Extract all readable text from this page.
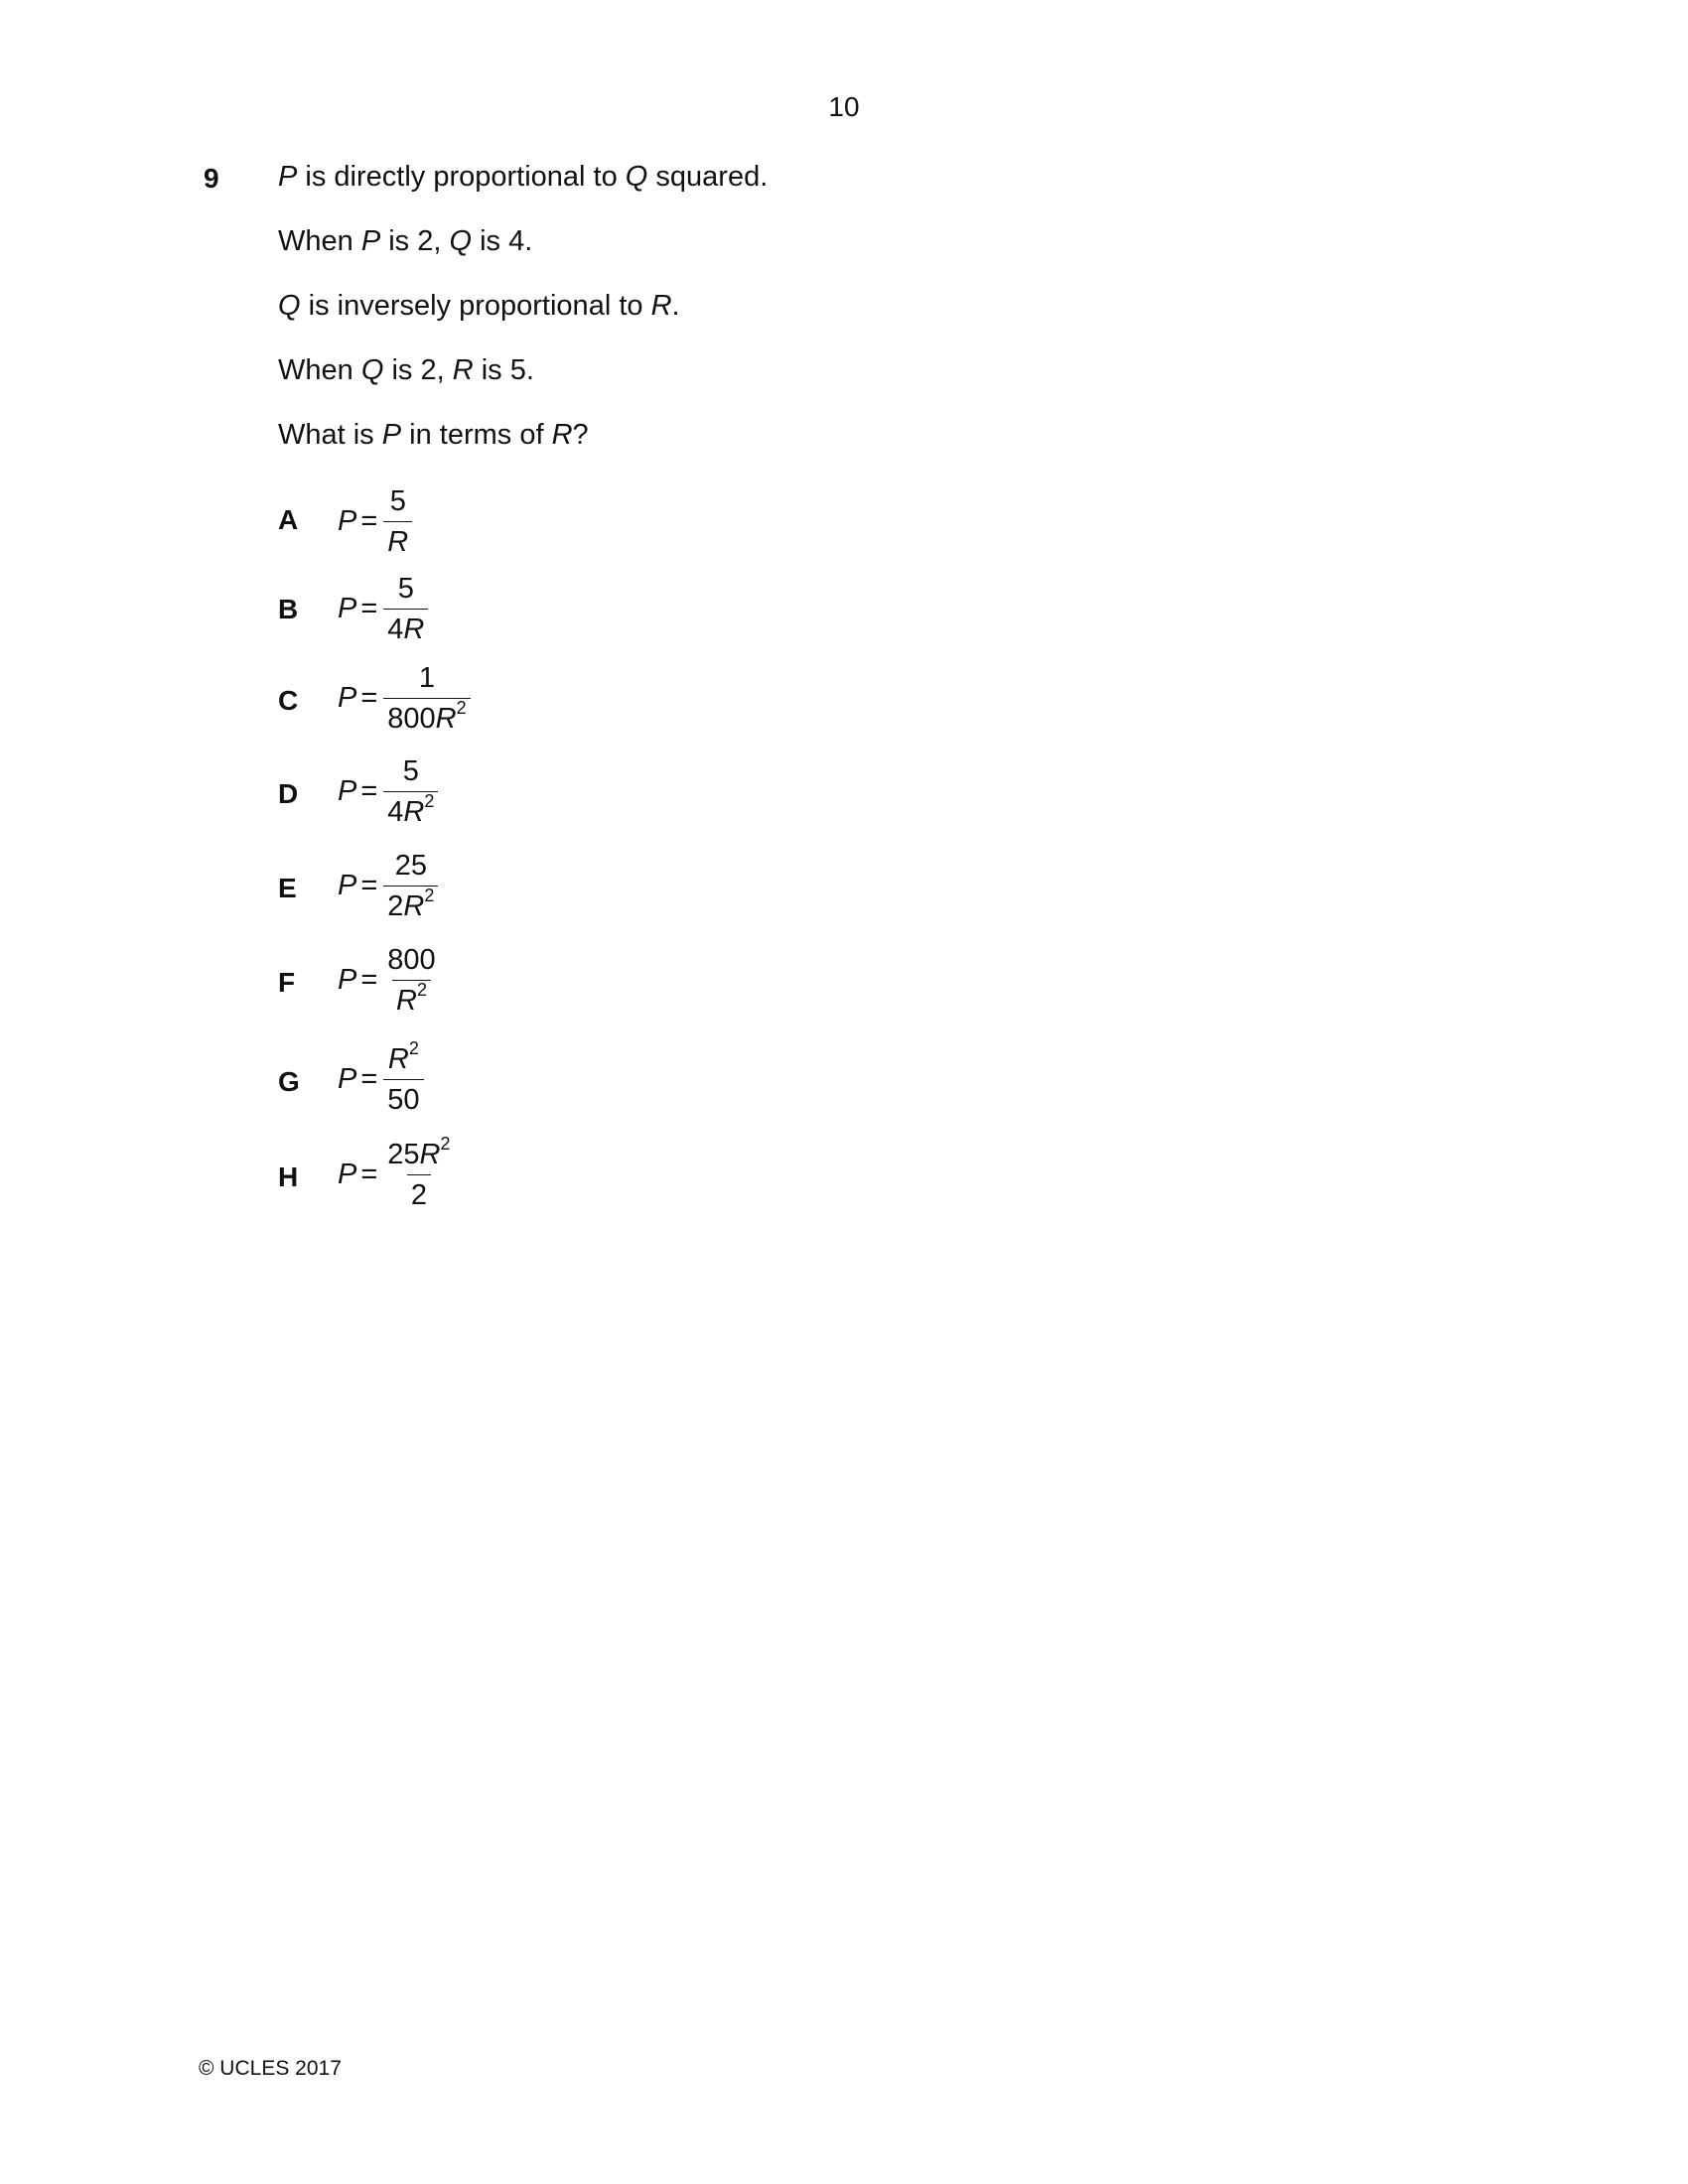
10
9 P is directly proportional to Q squared.
When P is 2, Q is 4.
Q is inversely proportional to R.
When Q is 2, R is 5.
What is P in terms of R?
A $P = \frac{5}{R}$
B $P = \frac{5}{4R}$
C $P = \frac{1}{800R^2}$
D $P = \frac{5}{4R^2}$
E $P = \frac{25}{2R^2}$
F $P = \frac{800}{R^2}$
G $P = \frac{R^2}{50}$
H $P = \frac{25R^2}{2}$
© UCLES 2017
